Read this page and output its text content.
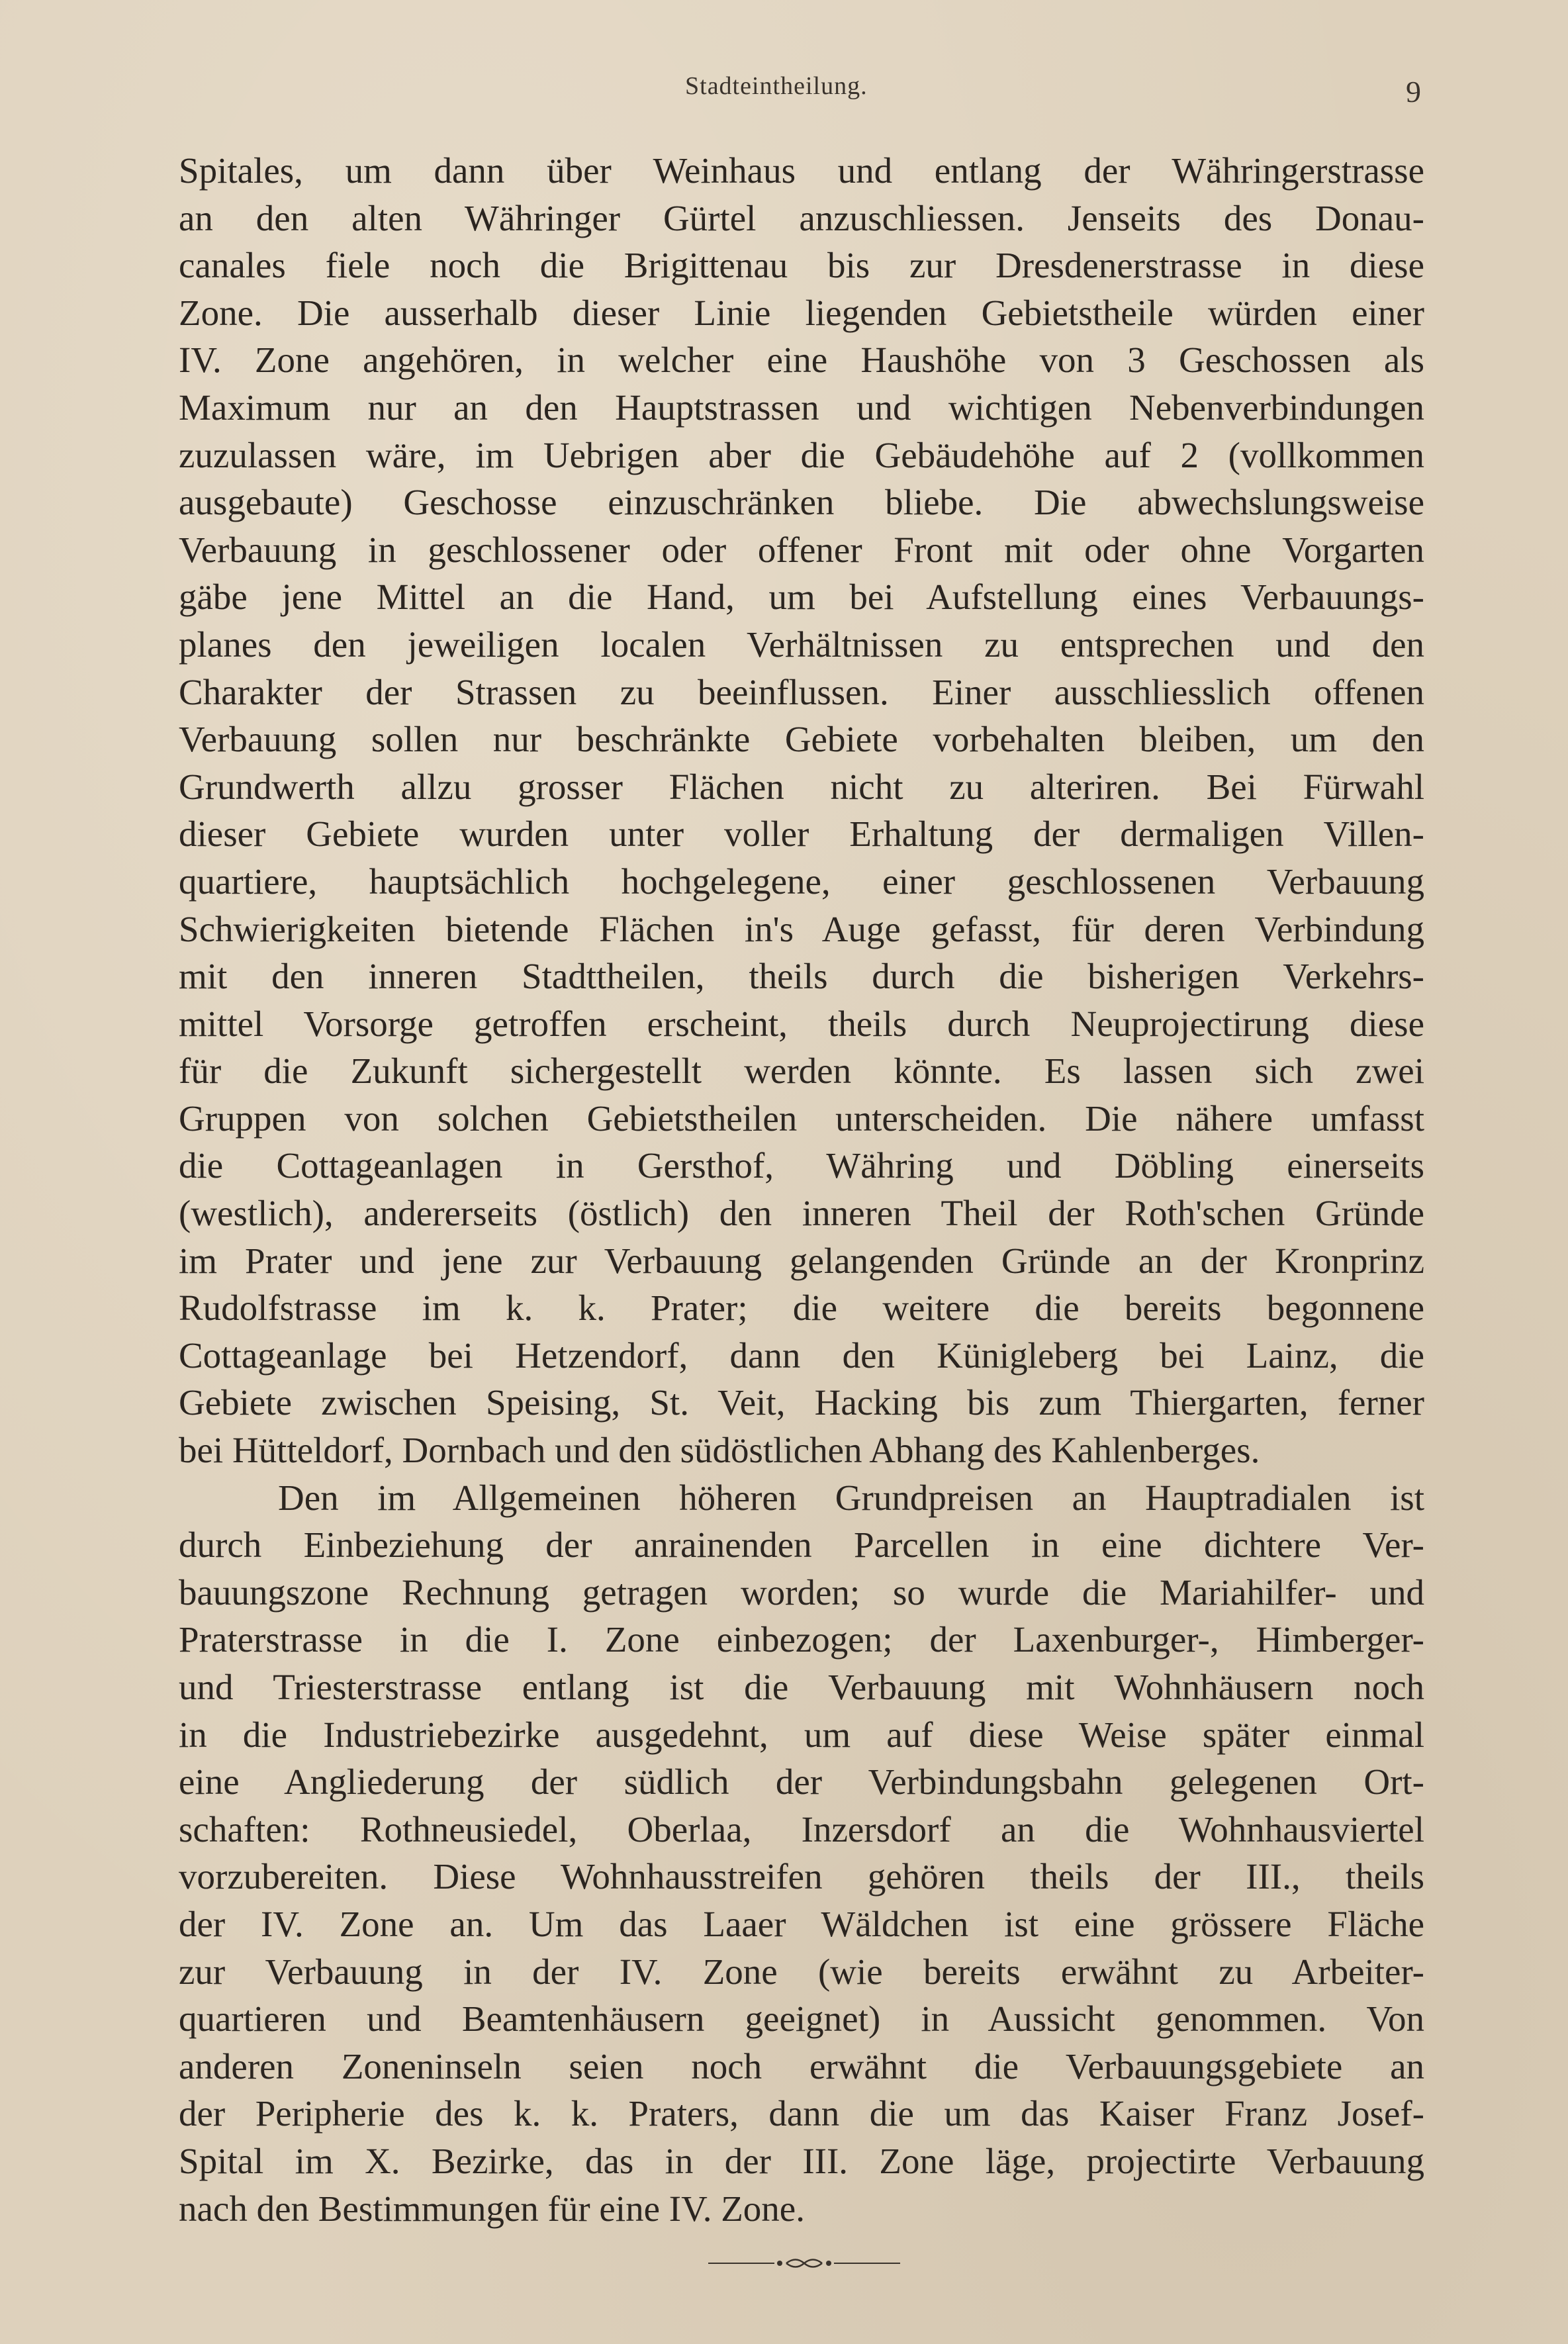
Stadteintheilung.	9
Spitales, um dann über Weinhaus und entlang der Währingerstrasse
an den alten Währinger Gürtel anzuschliessen. Jenseits des Donau-
canales fiele noch die Brigittenau bis zur Dresdenerstrasse in diese
Zone. Die ausserhalb dieser Linie liegenden Gebietstheile würden einer
IV. Zone angehören, in welcher eine Haushöhe von 3 Geschossen als
Maximum nur an den Hauptstrassen und wichtigen Nebenverbindungen
zuzulassen wäre, im Uebrigen aber die Gebäudehöhe auf 2 (vollkommen
ausgebaute) Geschosse einzuschränken bliebe. Die abwechslungsweise
Verbauung in geschlossener oder offener Front mit oder ohne Vorgarten
gäbe jene Mittel an die Hand, um bei Aufstellung eines Verbauungs-
planes den jeweiligen localen Verhältnissen zu entsprechen und den
Charakter der Strassen zu beeinflussen. Einer ausschliesslich offenen
Verbauung sollen nur beschränkte Gebiete vorbehalten bleiben, um den
Grundwerth allzu grosser Flächen nicht zu alteriren. Bei Fürwahl
dieser Gebiete wurden unter voller Erhaltung der dermaligen Villen-
quartiere, hauptsächlich hochgelegene, einer geschlossenen Verbauung
Schwierigkeiten bietende Flächen in's Auge gefasst, für deren Verbindung
mit den inneren Stadttheilen, theils durch die bisherigen Verkehrs-
mittel Vorsorge getroffen erscheint, theils durch Neuprojectirung diese
für die Zukunft sichergestellt werden könnte. Es lassen sich zwei
Gruppen von solchen Gebietstheilen unterscheiden. Die nähere umfasst
die Cottageanlagen in Gersthof, Währing und Döbling einerseits
(westlich), andererseits (östlich) den inneren Theil der Roth'schen Gründe
im Prater und jene zur Verbauung gelangenden Gründe an der Kronprinz
Rudolfstrasse im k. k. Prater; die weitere die bereits begonnene
Cottageanlage bei Hetzendorf, dann den Künigleberg bei Lainz, die
Gebiete zwischen Speising, St. Veit, Hacking bis zum Thiergarten, ferner
bei Hütteldorf, Dornbach und den südöstlichen Abhang des Kahlenberges.
Den im Allgemeinen höheren Grundpreisen an Hauptradialen ist
durch Einbeziehung der anrainenden Parcellen in eine dichtere Ver-
bauungszone Rechnung getragen worden; so wurde die Mariahilfer- und
Praterstrasse in die I. Zone einbezogen; der Laxenburger-, Himberger-
und Triesterstrasse entlang ist die Verbauung mit Wohnhäusern noch
in die Industriebezirke ausgedehnt, um auf diese Weise später einmal
eine Angliederung der südlich der Verbindungsbahn gelegenen Ort-
schaften: Rothneusiedel, Oberlaa, Inzersdorf an die Wohnhausviertel
vorzubereiten. Diese Wohnhausstreifen gehören theils der III., theils
der IV. Zone an. Um das Laaer Wäldchen ist eine grössere Fläche
zur Verbauung in der IV. Zone (wie bereits erwähnt zu Arbeiter-
quartieren und Beamtenhäusern geeignet) in Aussicht genommen. Von
anderen Zoneninseln seien noch erwähnt die Verbauungsgebiete an
der Peripherie des k. k. Praters, dann die um das Kaiser Franz Josef-
Spital im X. Bezirke, das in der III. Zone läge, projectirte Verbauung
nach den Bestimmungen für eine IV. Zone.
